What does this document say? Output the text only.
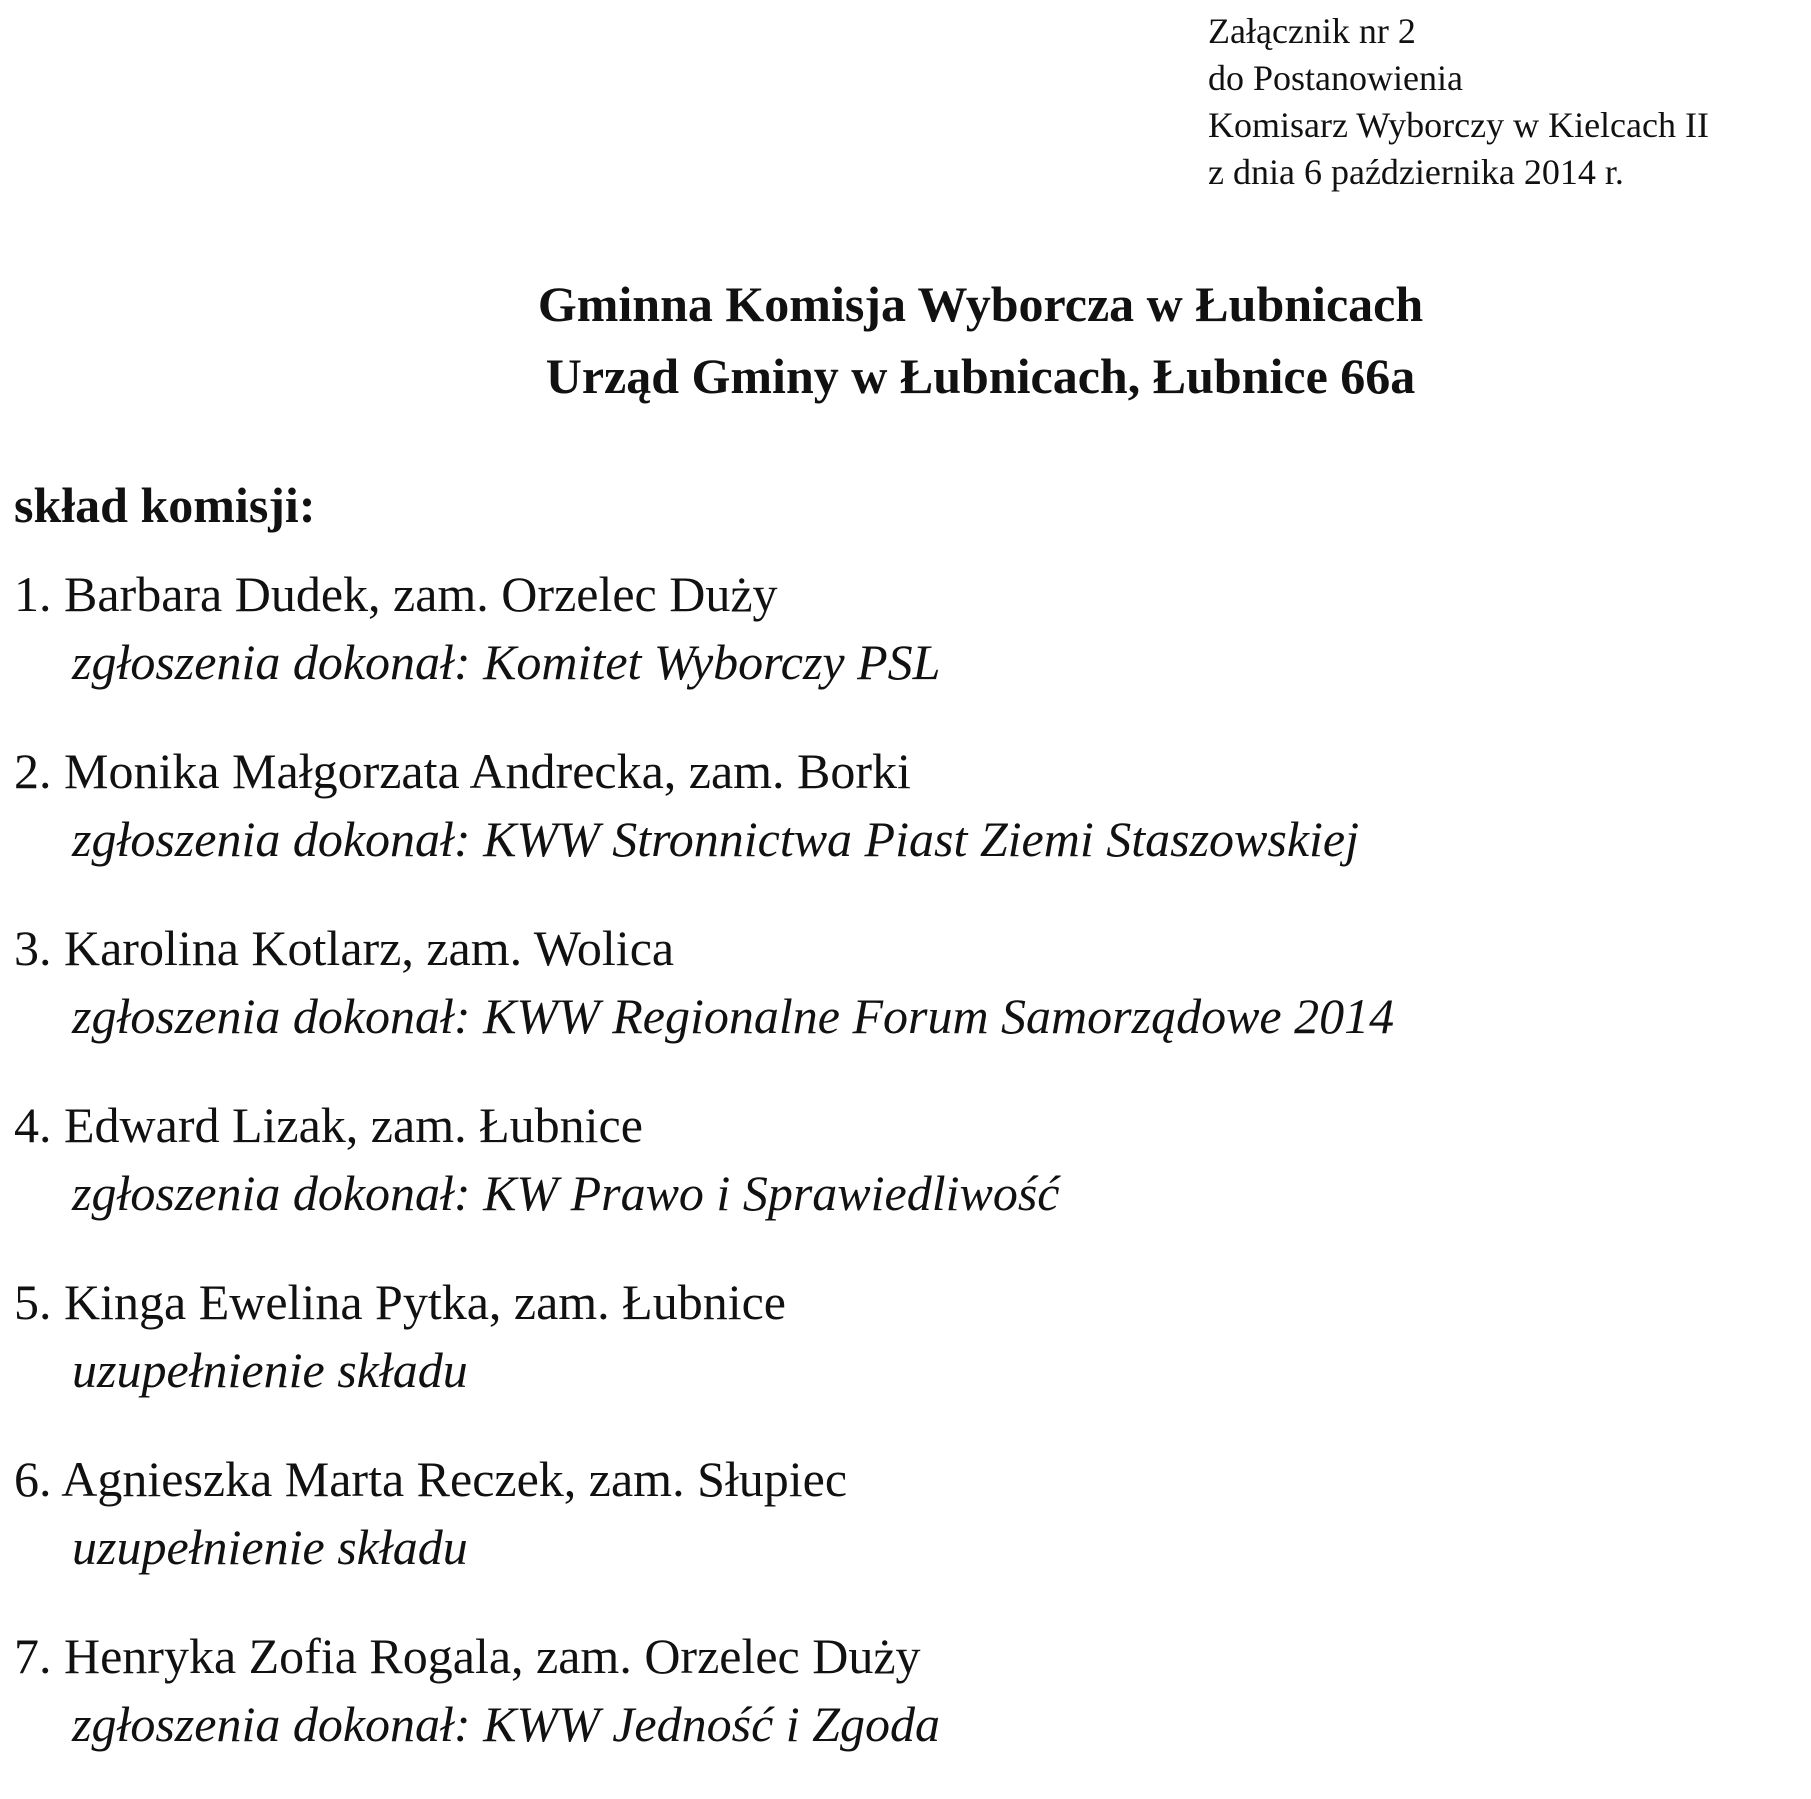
Załącznik nr 2
do Postanowienia
Komisarz Wyborczy w Kielcach II
z dnia 6 października 2014 r.
Gminna Komisja Wyborcza w Łubnicach
Urząd Gminy w Łubnicach, Łubnice 66a
skład komisji:
1. Barbara Dudek, zam. Orzelec Duży
zgłoszenia dokonał: Komitet Wyborczy PSL
2. Monika Małgorzata Andrecka, zam. Borki
zgłoszenia dokonał: KWW Stronnictwa Piast Ziemi Staszowskiej
3. Karolina Kotlarz, zam. Wolica
zgłoszenia dokonał: KWW Regionalne Forum Samorządowe 2014
4. Edward Lizak, zam. Łubnice
zgłoszenia dokonał: KW Prawo i Sprawiedliwość
5. Kinga Ewelina Pytka, zam. Łubnice
uzupełnienie składu
6. Agnieszka Marta Reczek, zam. Słupiec
uzupełnienie składu
7. Henryka Zofia Rogala, zam. Orzelec Duży
zgłoszenia dokonał: KWW Jedność i Zgoda
